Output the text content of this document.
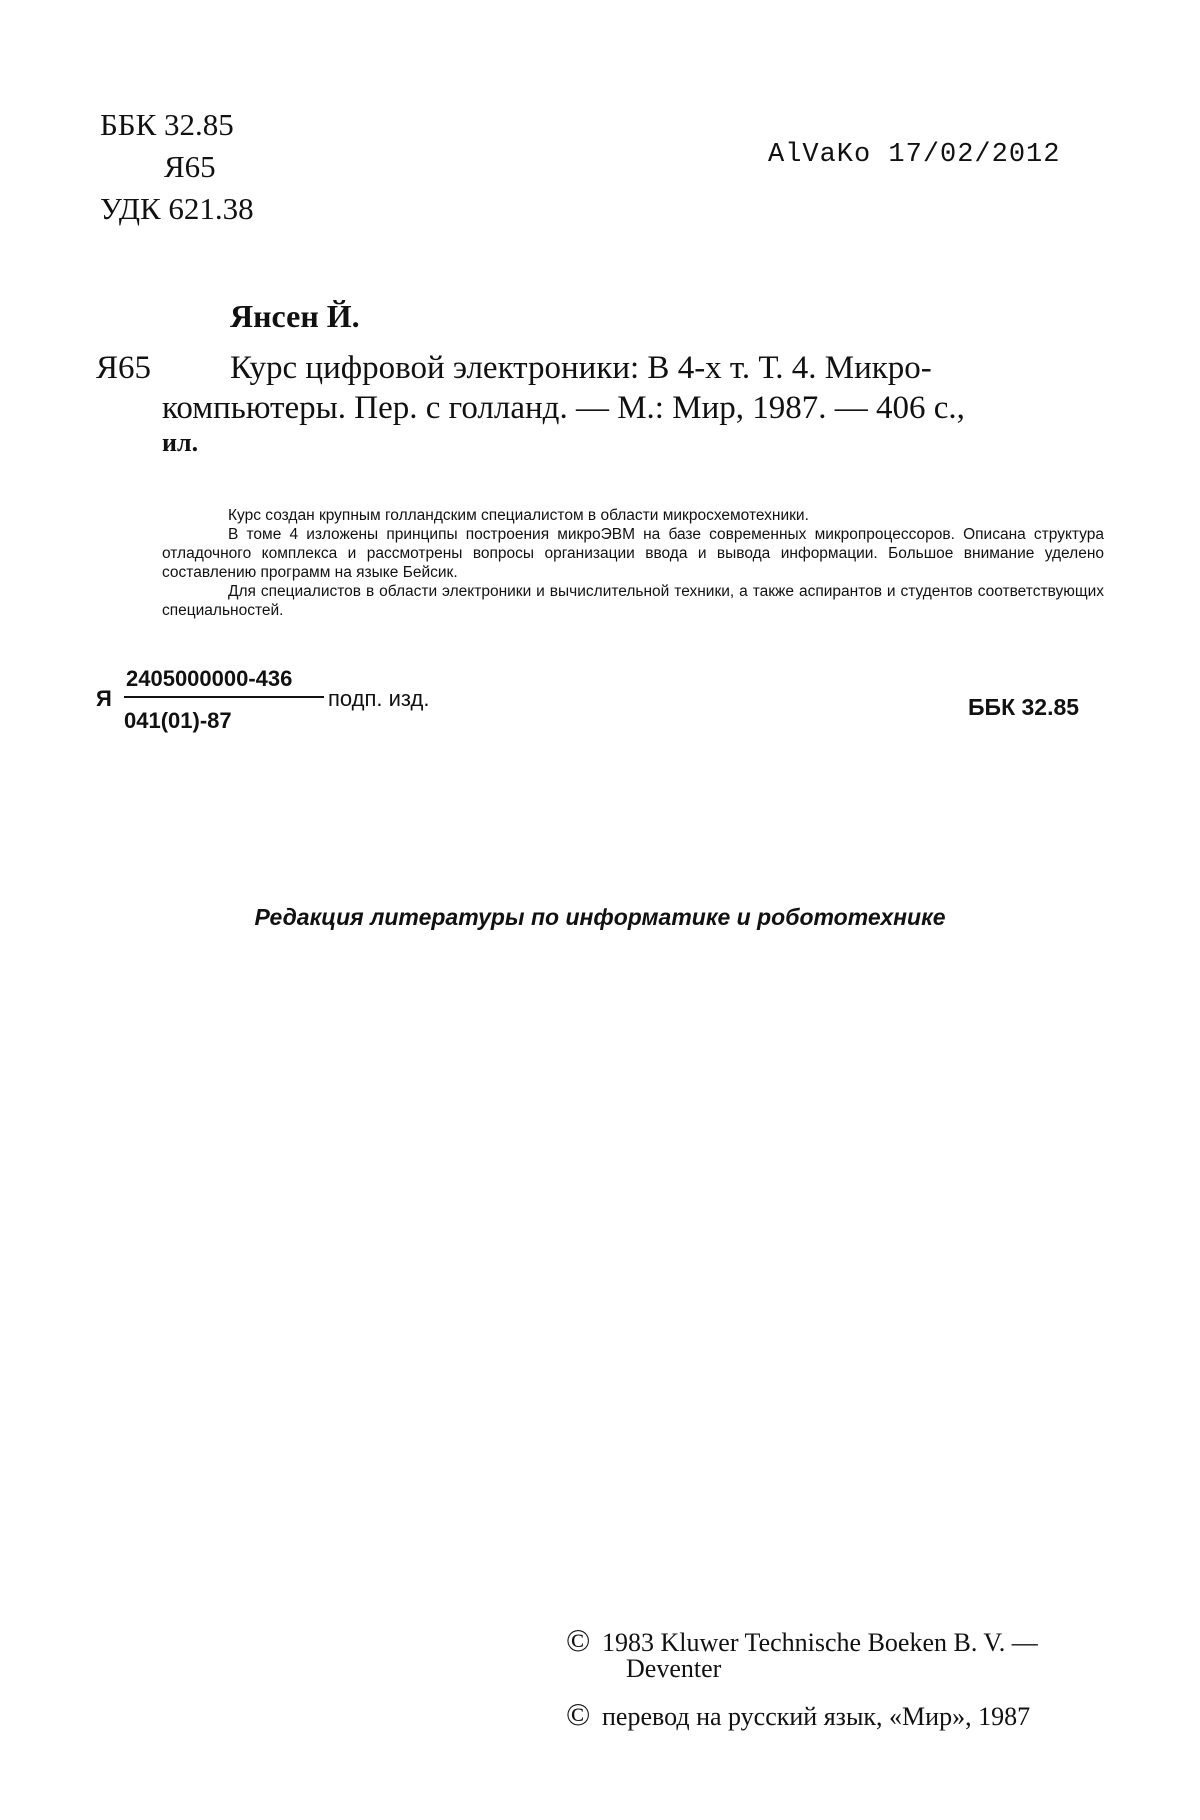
ББК 32.85

Я65

УДК 621.38

AlVaKo 17/02/2012

Янсен Й.

Я65 Курс цифровой электроники: В 4-х т. Т. 4. Микро-

компьютеры. Пер. с голланд. — М.: Мир, 1987. — 406 с.,

ил.

Курс создан крупным голландским специалистом в области микросхемотехники.

В томе 4 изложены принципы построения микроЭВМ на базе современных микропроцессоров. Описана структура отладочного комплекса и рассмотрены вопросы организации ввода и вывода информации. Большое внимание уделено составлению программ на языке Бейсик.

Для специалистов в области электроники и вычислительной техники, а также аспирантов и студентов соответствующих специальностей.

Я
2405000000-436
041(01)-87
подп. изд.	ББК 32.85

Редакция литературы по информатике и робототехнике

© 1983 Kluwer Technische Boeken B. V. —

Deventer

© перевод на русский язык, «Мир», 1987
